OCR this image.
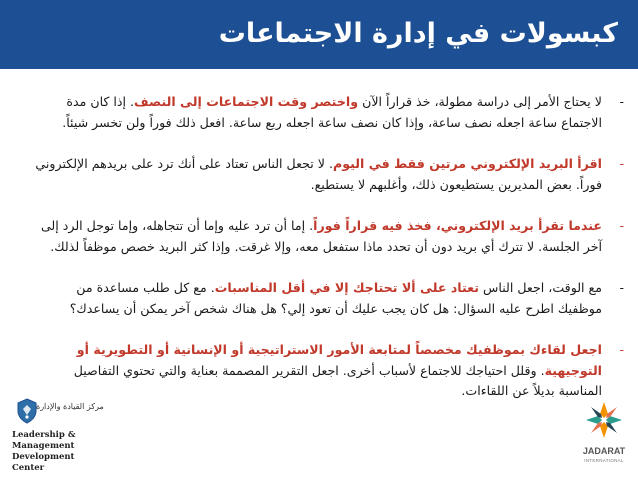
كبسولات في إدارة الاجتماعات
-
لا يحتاج الأمر إلى دراسة مطولة، خذ قراراً الآن واختصر وقت الاجتماعات إلى النصف. إذا كان مدة الاجتماع ساعة اجعله نصف ساعة، وإذا كان نصف ساعة اجعله ربع ساعة. افعل ذلك فوراً ولن تخسر شيئاً.
-
اقرأ البريد الإلكتروني مرتين فقط في اليوم. لا تجعل الناس تعتاد على أنك ترد على بريدهم الإلكتروني فوراً. بعض المديرين يستطيعون ذلك، وأغلبهم لا يستطيع.
-
عندما تقرأ بريد الإلكتروني، فخذ فيه قراراً فوراً. إما أن ترد عليه وإما أن تتجاهله، وإما توجل الرد إلى آخر الجلسة. لا تترك أي بريد دون أن تحدد ماذا ستفعل معه، وإلا غرقت. وإذا كثر البريد خصص موظفاً لذلك.
-
مع الوقت، اجعل الناس تعتاد على ألا تحتاجك إلا في أقل المناسبات. مع كل طلب مساعدة من موظفيك اطرح عليه السؤال: هل كان يجب عليك أن تعود إلي؟ هل هناك شخص آخر يمكن أن يساعدك؟
-
اجعل لقاءك بموظفيك مخصصاً لمتابعة الأمور الاستراتيجية أو الإنسانية أو التطويرية أو التوجيهية. وقلل احتياجك للاجتماع لأسباب أخرى. اجعل التقرير المصممة بعناية والتي تحتوي التفاصيل المناسبة بديلاً عن اللقاءات.
مركز القيادة والإدارة
Leadership & Management
Development Center
JADARAT
INTERNATIONAL
